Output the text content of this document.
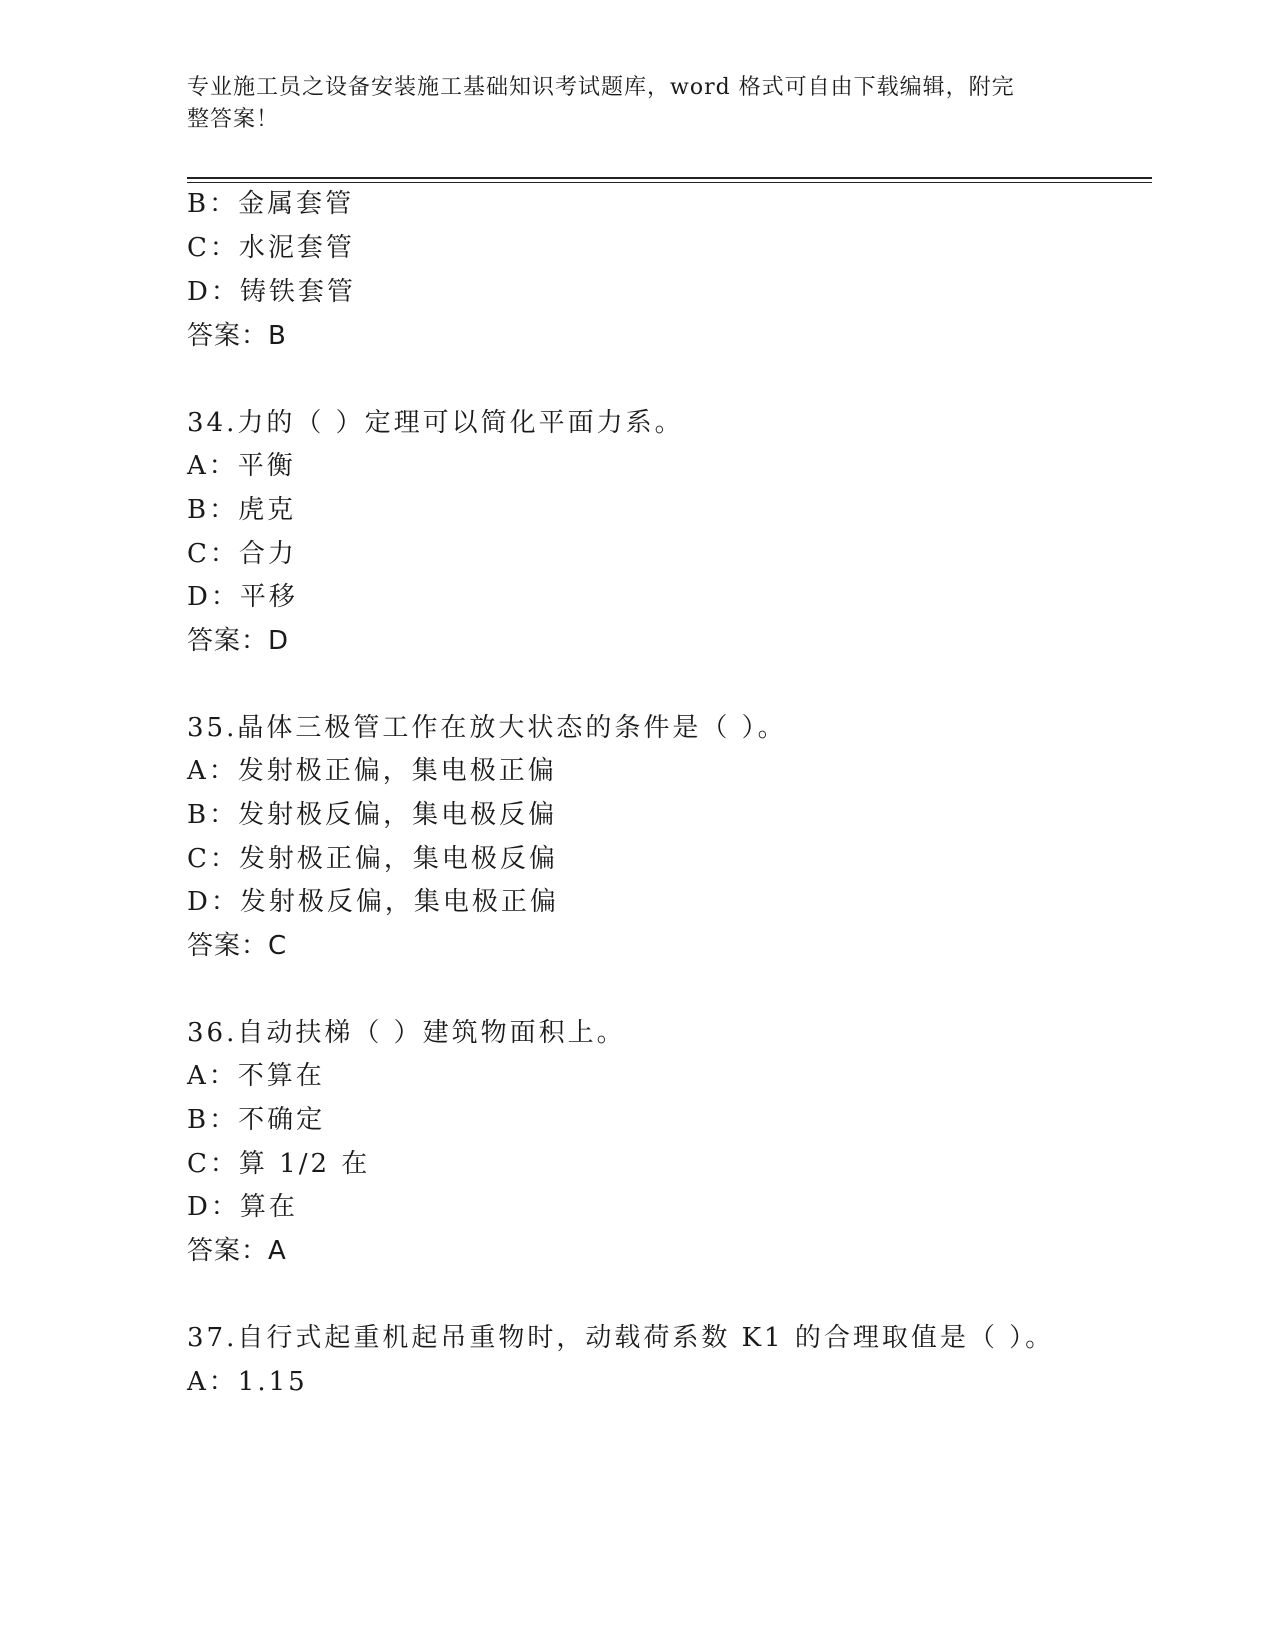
专业施工员之设备安装施工基础知识考试题库，word 格式可自由下载编辑，附完
整答案！
B：金属套管
C：水泥套管
D：铸铁套管
答案：B
34.力的（ ）定理可以简化平面力系。
A：平衡
B：虎克
C：合力
D：平移
答案：D
35.晶体三极管工作在放大状态的条件是（ ）。
A：发射极正偏，集电极正偏
B：发射极反偏，集电极反偏
C：发射极正偏，集电极反偏
D：发射极反偏，集电极正偏
答案：C
36.自动扶梯（ ）建筑物面积上。
A：不算在
B：不确定
C：算 1/2 在
D：算在
答案：A
37.自行式起重机起吊重物时，动载荷系数 K1 的合理取值是（ ）。
A：1.15
